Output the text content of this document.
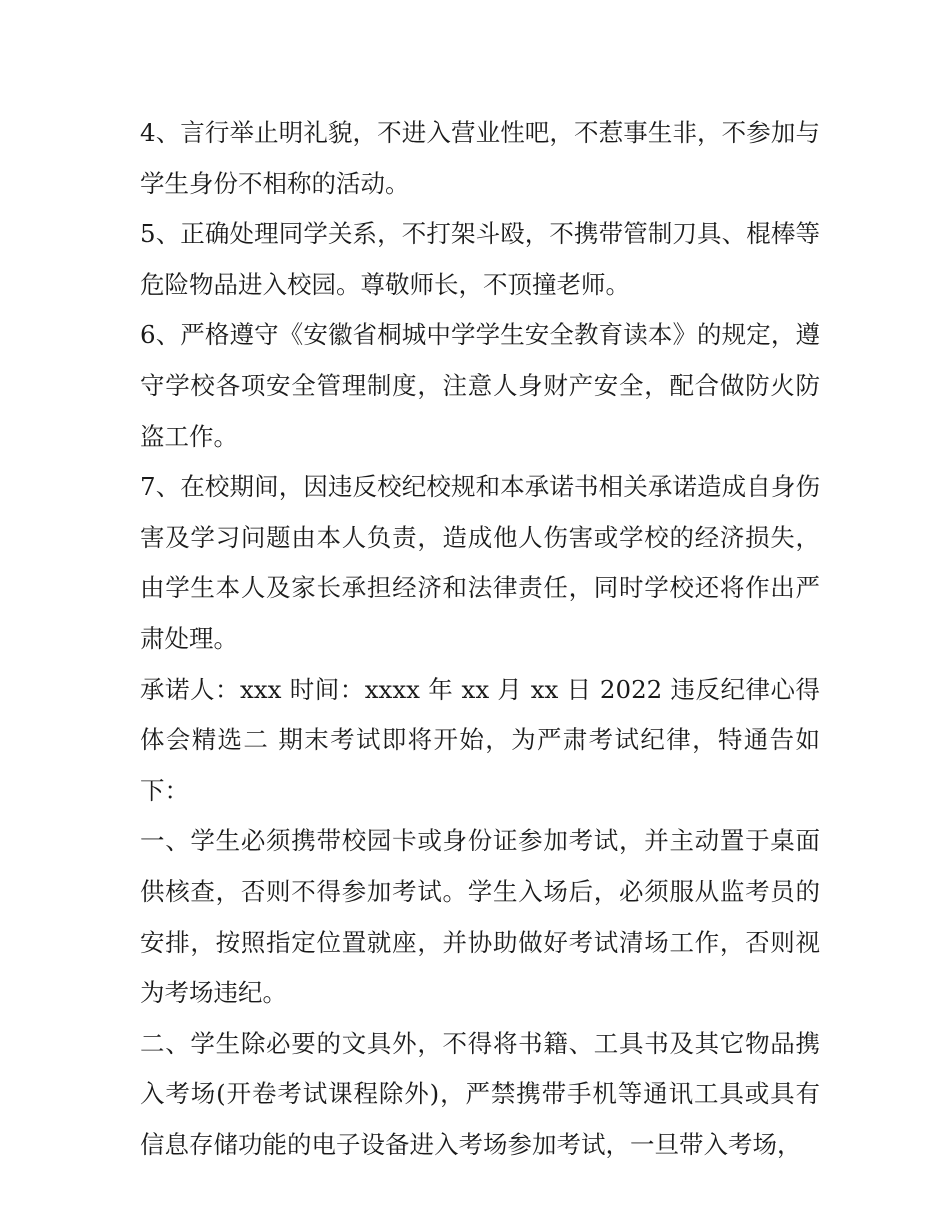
4、言行举止明礼貌，不进入营业性吧，不惹事生非，不参加与学生身份不相称的活动。

5、正确处理同学关系，不打架斗殴，不携带管制刀具、棍棒等危险物品进入校园。尊敬师长，不顶撞老师。

6、严格遵守《安徽省桐城中学学生安全教育读本》的规定，遵守学校各项安全管理制度，注意人身财产安全，配合做防火防盗工作。

7、在校期间，因违反校纪校规和本承诺书相关承诺造成自身伤害及学习问题由本人负责，造成他人伤害或学校的经济损失，由学生本人及家长承担经济和法律责任，同时学校还将作出严肃处理。

承诺人：xxx 时间：xxxx 年 xx 月 xx 日 2022 违反纪律心得体会精选二 期末考试即将开始，为严肃考试纪律，特通告如下：

一、学生必须携带校园卡或身份证参加考试，并主动置于桌面供核查，否则不得参加考试。学生入场后，必须服从监考员的安排，按照指定位置就座，并协助做好考试清场工作，否则视为考场违纪。

二、学生除必要的文具外，不得将书籍、工具书及其它物品携入考场(开卷考试课程除外)，严禁携带手机等通讯工具或具有信息存储功能的电子设备进入考场参加考试，一旦带入考场，
